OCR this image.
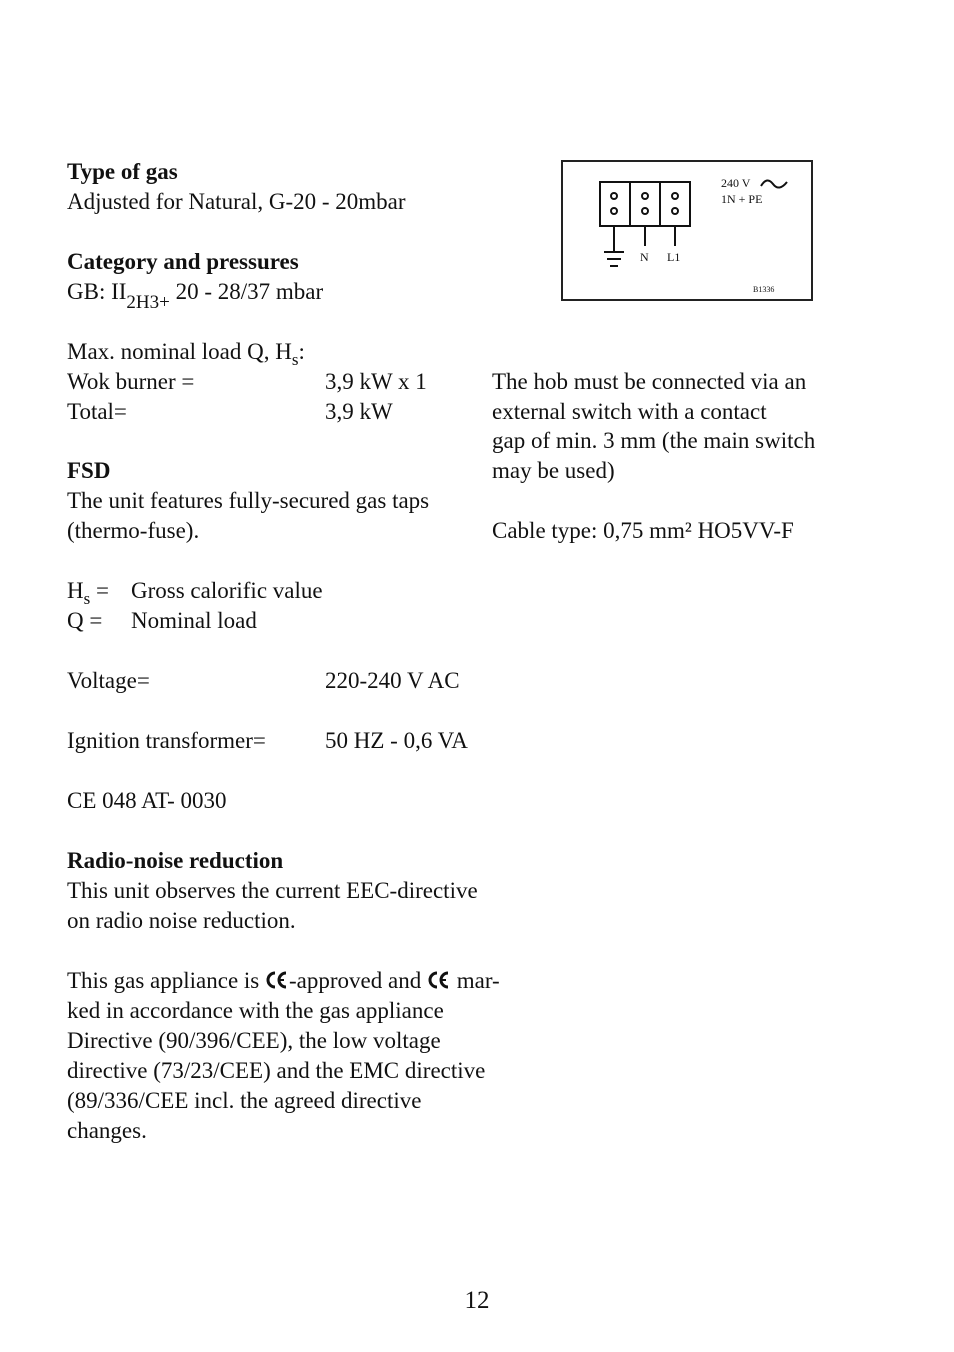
Type of gas
Adjusted for Natural, G-20 - 20mbar
Category and pressures
GB: $II_{2H3+}$ 20 - 28/37 mbar
Max. nominal load Q, $H_s$:
Wok burner =	3,9 kW x 1
Total=	3,9 kW
FSD
The unit features fully-secured gas taps
(thermo-fuse).
$H_s$ = Gross calorific value
Q = Nominal load
Voltage=	220-240 V AC
Ignition transformer=	50 HZ - 0,6 VA
CE 048 AT- 0030
Radio-noise reduction
This unit observes the current EEC-directive
on radio noise reduction.
This gas appliance is -approved and  mar-
ked in accordance with the gas appliance
Directive (90/396/CEE), the low voltage
directive (73/23/CEE) and the EMC directive
(89/336/CEE incl. the agreed directive
changes.
The hob must be connected via an
external switch with a contact
gap of min. 3 mm (the main switch
may be used)
Cable type: 0,75 mm² HO5VV-F
240 V
1N + PE
N L1
B1336
12
